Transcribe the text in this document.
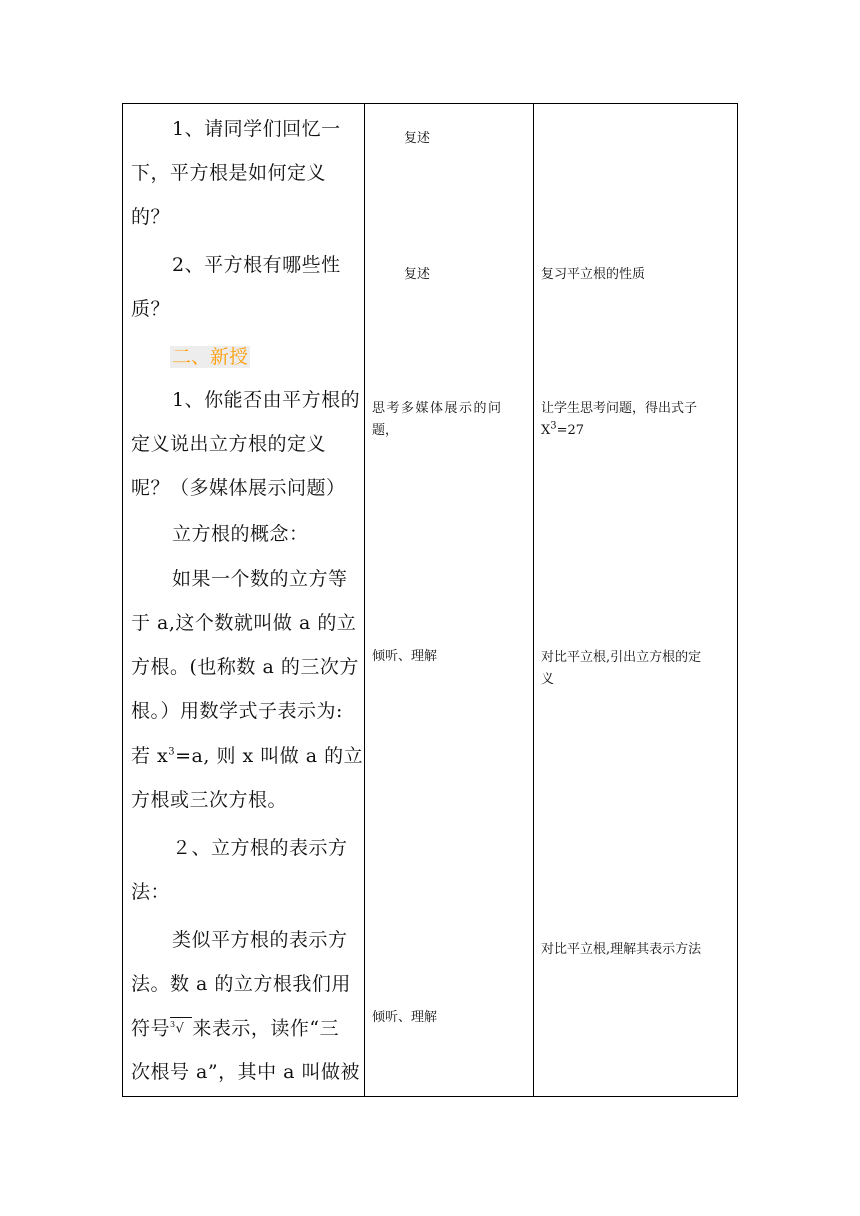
1、请同学们回忆一
下，平方根是如何定义
的？
2、平方根有哪些性
质？
二、新授
1、你能否由平方根的
定义说出立方根的定义
呢？（多媒体展示问题）
立方根的概念：
如果一个数的立方等
于 a,这个数就叫做 a 的立
方根。(也称数 a 的三次方
根。）用数学式子表示为:
若 $x^3=a$, 则 x 叫做 a 的立
方根或三次方根。
２、立方根的表示方
法：
类似平方根的表示方
法。数 a 的立方根我们用
符号$^3$√ 来表示，读作“三
次根号 a”，其中 a 叫做被
复述
复述
思考多媒体展示的问
题，
倾听、理解
倾听、理解
复习平立根的性质
让学生思考问题，得出式子
$X^3=27$
对比平立根,引出立方根的定
义
对比平立根,理解其表示方法
